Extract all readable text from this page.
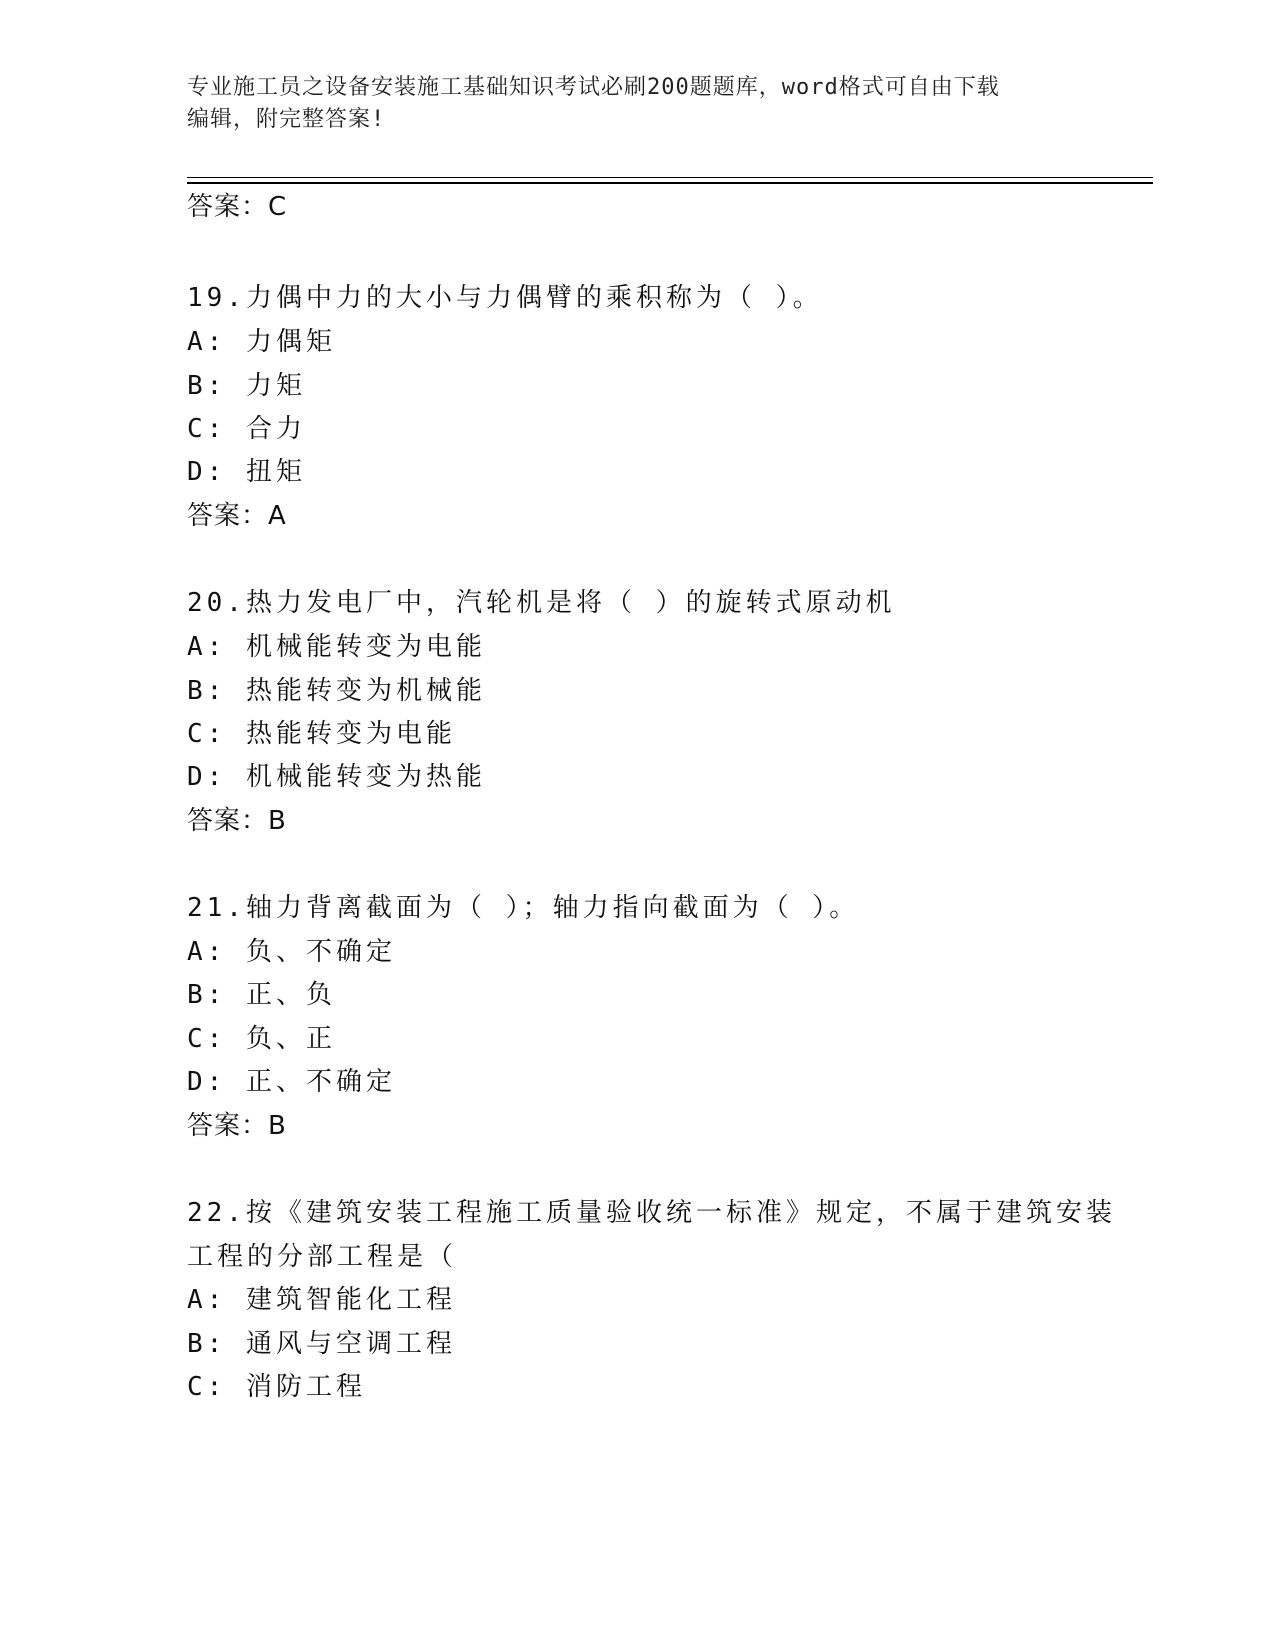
专业施工员之设备安装施工基础知识考试必刷200题题库，word格式可自由下载
编辑，附完整答案!
答案：C
19.力偶中力的大小与力偶臂的乘积称为（ ）。
A: 力偶矩
B: 力矩
C: 合力
D: 扭矩
答案：A
20.热力发电厂中，汽轮机是将（ ）的旋转式原动机
A: 机械能转变为电能
B: 热能转变为机械能
C: 热能转变为电能
D: 机械能转变为热能
答案：B
21.轴力背离截面为（ ）；轴力指向截面为（ ）。
A: 负、不确定
B: 正、负
C: 负、正
D: 正、不确定
答案：B
22.按《建筑安装工程施工质量验收统一标准》规定，不属于建筑安装
工程的分部工程是（
A: 建筑智能化工程
B: 通风与空调工程
C: 消防工程
